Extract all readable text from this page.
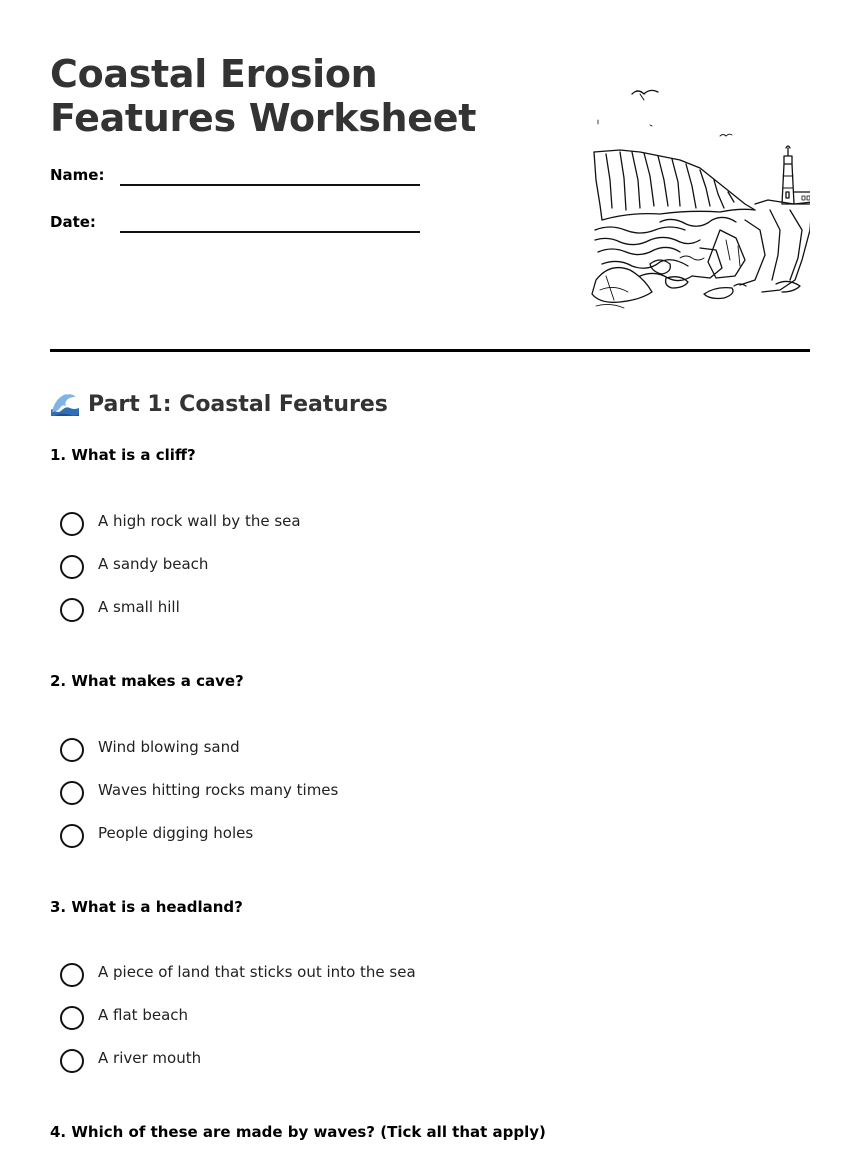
Coastal Erosion Features Worksheet
Name:
Date:
Part 1: Coastal Features
1. What is a cliff?
A high rock wall by the sea
A sandy beach
A small hill
2. What makes a cave?
Wind blowing sand
Waves hitting rocks many times
People digging holes
3. What is a headland?
A piece of land that sticks out into the sea
A flat beach
A river mouth
4. Which of these are made by waves? (Tick all that apply)
